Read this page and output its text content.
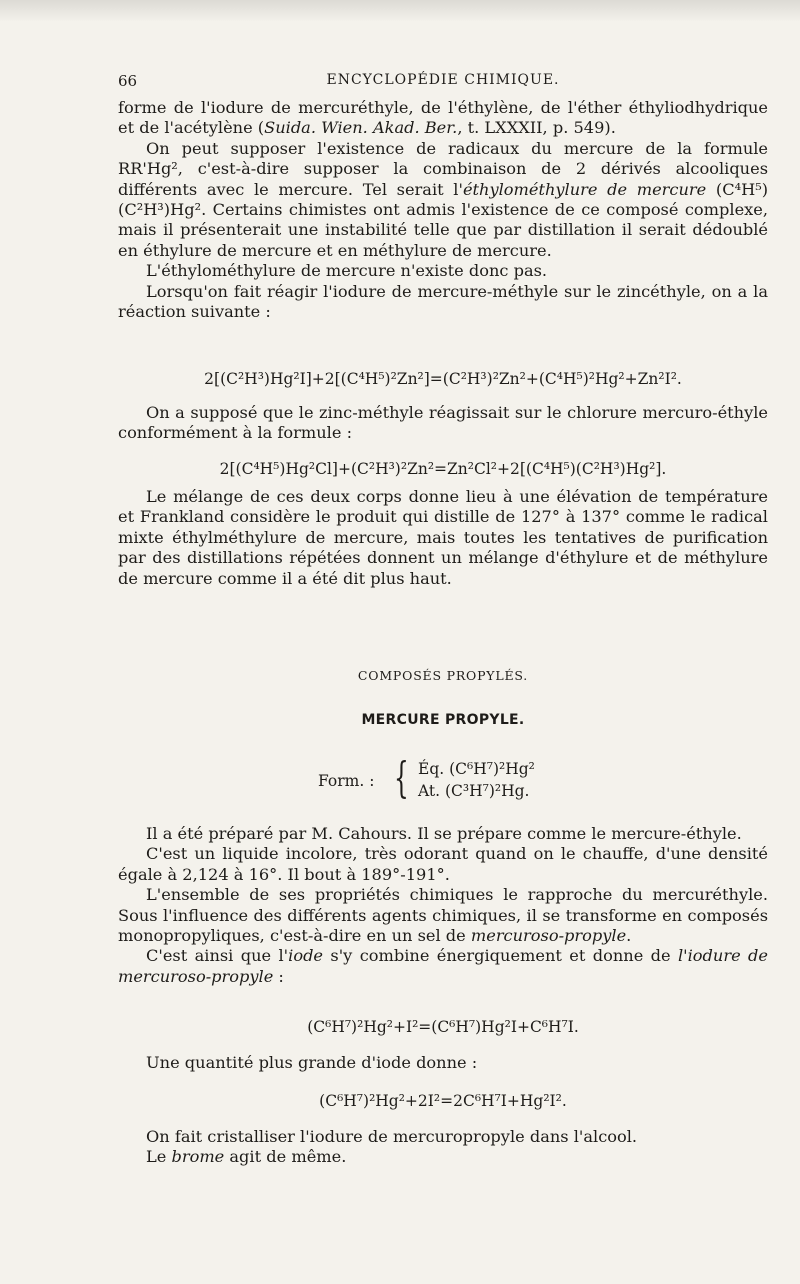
66	ENCYCLOPÉDIE CHIMIQUE.

forme de l'iodure de mercuréthyle, de l'éthylène, de l'éther éthyliodhydrique et de l'acétylène (Suida. Wien. Akad. Ber., t. LXXXII, p. 549).

On peut supposer l'existence de radicaux du mercure de la formule RR'Hg², c'est-à-dire supposer la combinaison de 2 dérivés alcooliques différents avec le mercure. Tel serait l'éthylométhylure de mercure (C⁴H⁵)(C²H³)Hg². Certains chimistes ont admis l'existence de ce composé complexe, mais il présenterait une instabilité telle que par distillation il serait dédoublé en éthylure de mercure et en méthylure de mercure.

L'éthylométhylure de mercure n'existe donc pas.

Lorsqu'on fait réagir l'iodure de mercure-méthyle sur le zincéthyle, on a la réaction suivante :

2[(C²H³)Hg²I]+2[(C⁴H⁵)²Zn²]=(C²H³)²Zn²+(C⁴H⁵)²Hg²+Zn²I².

On a supposé que le zinc-méthyle réagissait sur le chlorure mercuro-éthyle conformément à la formule :

2[(C⁴H⁵)Hg²Cl]+(C²H³)²Zn²=Zn²Cl²+2[(C⁴H⁵)(C²H³)Hg²].

Le mélange de ces deux corps donne lieu à une élévation de température et Frankland considère le produit qui distille de 127° à 137° comme le radical mixte éthylméthylure de mercure, mais toutes les tentatives de purification par des distillations répétées donnent un mélange d'éthylure et de méthylure de mercure comme il a été dit plus haut.

COMPOSÉS PROPYLÉS.
MERCURE PROPYLE.
Form. : { Éq. (C⁶H⁷)²Hg²
At. (C³H⁷)²Hg.

Il a été préparé par M. Cahours. Il se prépare comme le mercure-éthyle.

C'est un liquide incolore, très odorant quand on le chauffe, d'une densité égale à 2,124 à 16°. Il bout à 189°-191°.

L'ensemble de ses propriétés chimiques le rapproche du mercuréthyle. Sous l'influence des différents agents chimiques, il se transforme en composés monopropyliques, c'est-à-dire en un sel de mercuroso-propyle.

C'est ainsi que l'iode s'y combine énergiquement et donne de l'iodure de mercuroso-propyle :

(C⁶H⁷)²Hg²+I²=(C⁶H⁷)Hg²I+C⁶H⁷I.

Une quantité plus grande d'iode donne :

(C⁶H⁷)²Hg²+2I²=2C⁶H⁷I+Hg²I².

On fait cristalliser l'iodure de mercuropropyle dans l'alcool.

Le brome agit de même.
